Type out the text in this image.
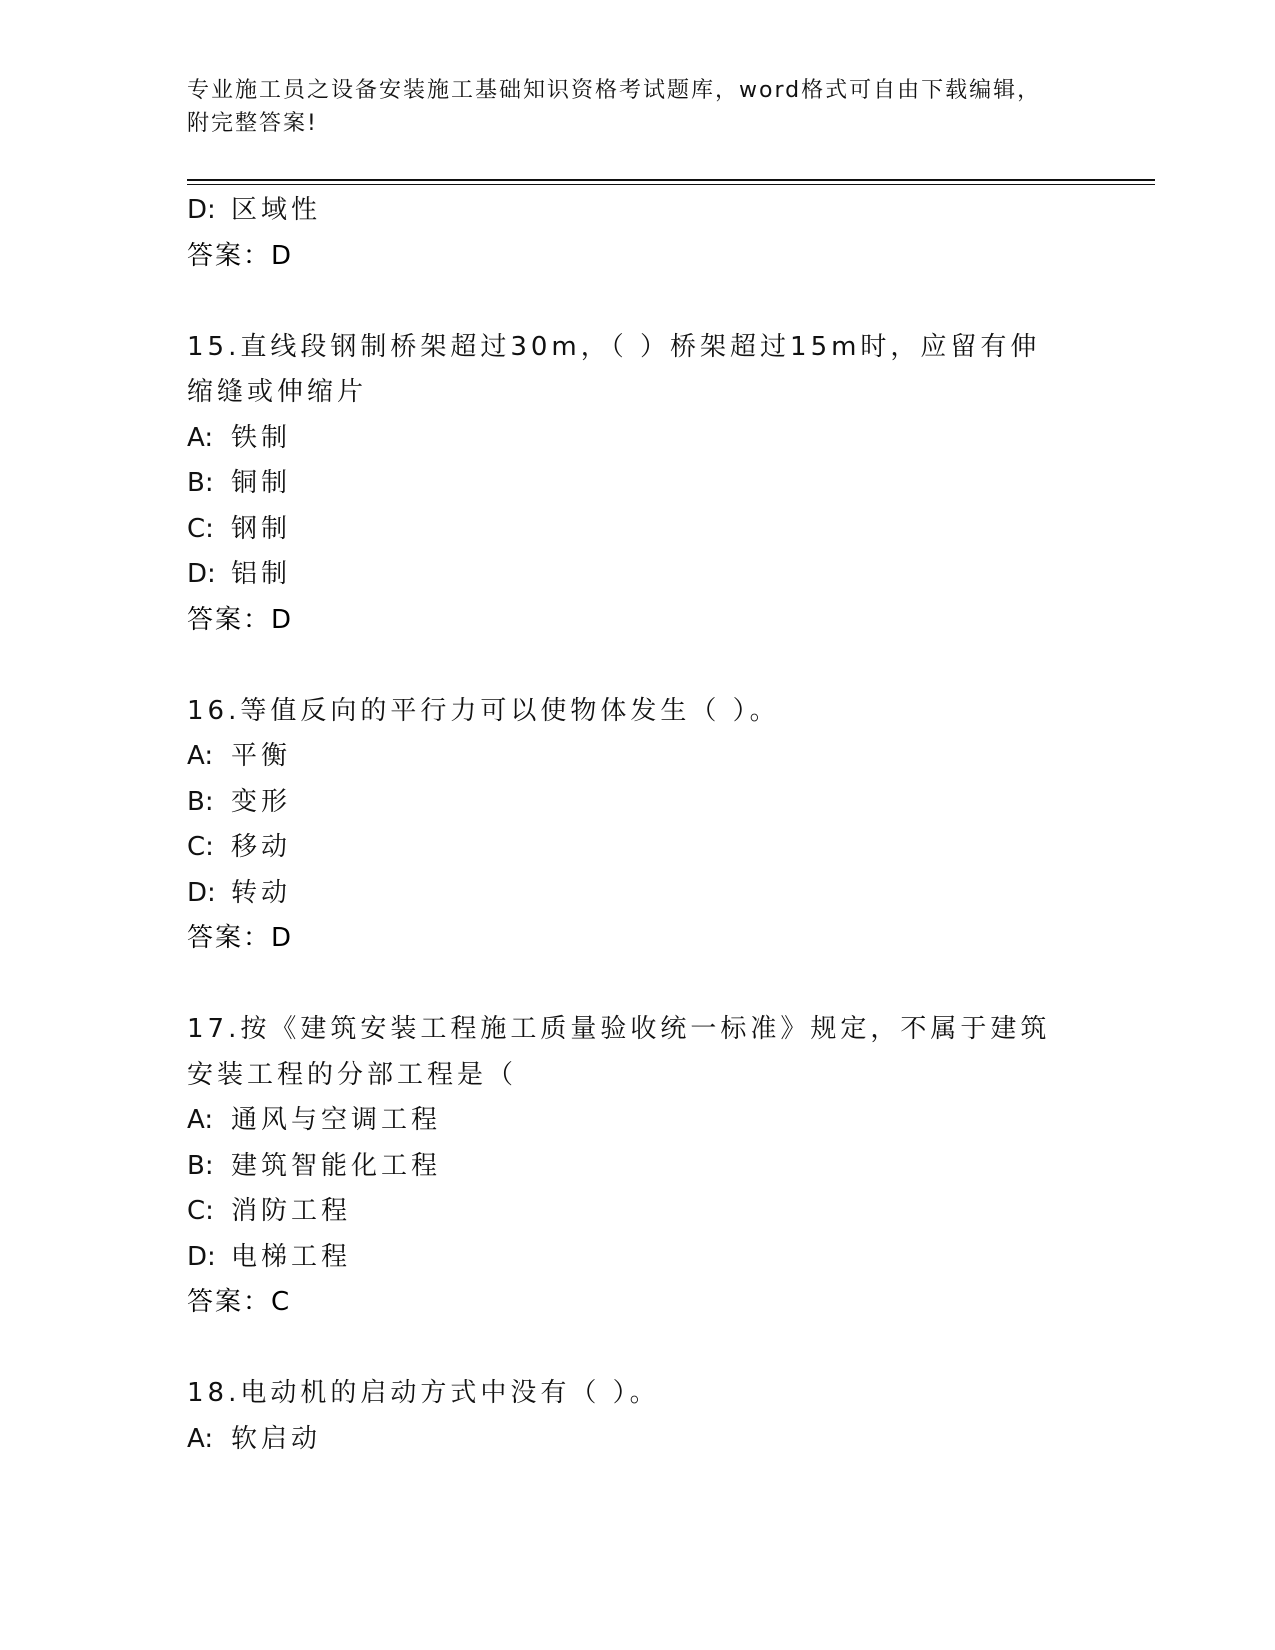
专业施工员之设备安装施工基础知识资格考试题库，word格式可自由下载编辑，
附完整答案!
D: 区域性
答案：D
15.直线段钢制桥架超过30m，（ ）桥架超过15m时，应留有伸缩缝或伸缩片
A: 铁制
B: 铜制
C: 钢制
D: 铝制
答案：D
16.等值反向的平行力可以使物体发生（ ）。
A: 平衡
B: 变形
C: 移动
D: 转动
答案：D
17.按《建筑安装工程施工质量验收统一标准》规定，不属于建筑安装工程的分部工程是（
A: 通风与空调工程
B: 建筑智能化工程
C: 消防工程
D: 电梯工程
答案：C
18.电动机的启动方式中没有（ ）。
A: 软启动
